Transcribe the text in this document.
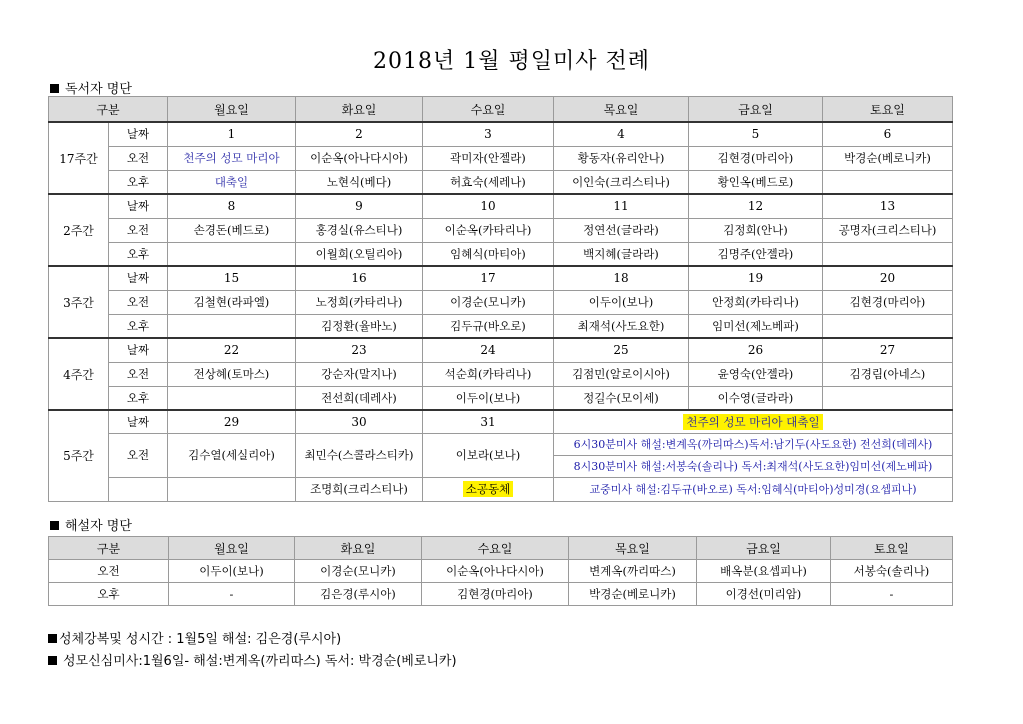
2018년 1월 평일미사 전례
독서자 명단
구분		월요일	화요일	수요일	목요일	금요일	토요일
17주간	날짜	1	2	3	4	5	6
	오전	천주의 성모 마리아	이순옥(아나다시아)	곽미자(안젤라)	황동자(유리안나)	김현경(마리아)	박경순(베로니카)
	오후	대축일	노현식(베다)	허효숙(세레나)	이인숙(크리스티나)	황인옥(베드로)	
2주간	날짜	8	9	10	11	12	13
	오전	손경돈(베드로)	홍경실(유스티나)	이순옥(카타리나)	정연선(글라라)	김정희(안나)	공명자(크리스티나)
	오후		이월희(오틸리아)	임혜식(마티아)	백지혜(글라라)	김명주(안젤라)	
3주간	날짜	15	16	17	18	19	20
	오전	김철현(라파엘)	노정희(카타리나)	이경순(모니카)	이두이(보나)	안정희(카타리나)	김현경(마리아)
	오후		김정환(율바노)	김두규(바오로)	최재석(사도요한)	임미선(제노베파)	
4주간	날짜	22	23	24	25	26	27
	오전	전상혜(토마스)	강순자(말지나)	석순희(카타리나)	김점민(알로이시아)	윤영숙(안젤라)	김경림(아네스)
	오후		전선희(데레사)	이두이(보나)	정길수(모이세)	이수영(글라라)	
5주간	날짜	29	30	31	천주의 성모 마리아 대축일		
	오전	김수열(세실리아)	최민수(스콜라스티카)	이보라(보나)	6시30분미사 해설:변계옥(까리따스)독서:남기두(사도요한) 전선희(데레사)		
					8시30분미사 해설:서봉숙(솔리나) 독서:최재석(사도요한)임미선(제노베파)		
			조명희(크리스티나)	소공동체	교중미사 해설:김두규(바오로) 독서:임혜식(마티아)성미경(요셉피나)		
해설자 명단
구분	월요일	화요일	수요일	목요일	금요일	토요일
오전	이두이(보나)	이경순(모니카)	이순옥(아나다시아)	변계옥(까리따스)	배옥분(요셉피나)	서봉숙(솔리나)
오후	-	김은경(루시아)	김현경(마리아)	박경순(베로니카)	이경선(미리암)	-
성체강복및 성시간 : 1월5일 해설: 김은경(루시아)
성모신심미사:1월6일- 해설:변계옥(까리따스) 독서: 박경순(베로니카)
